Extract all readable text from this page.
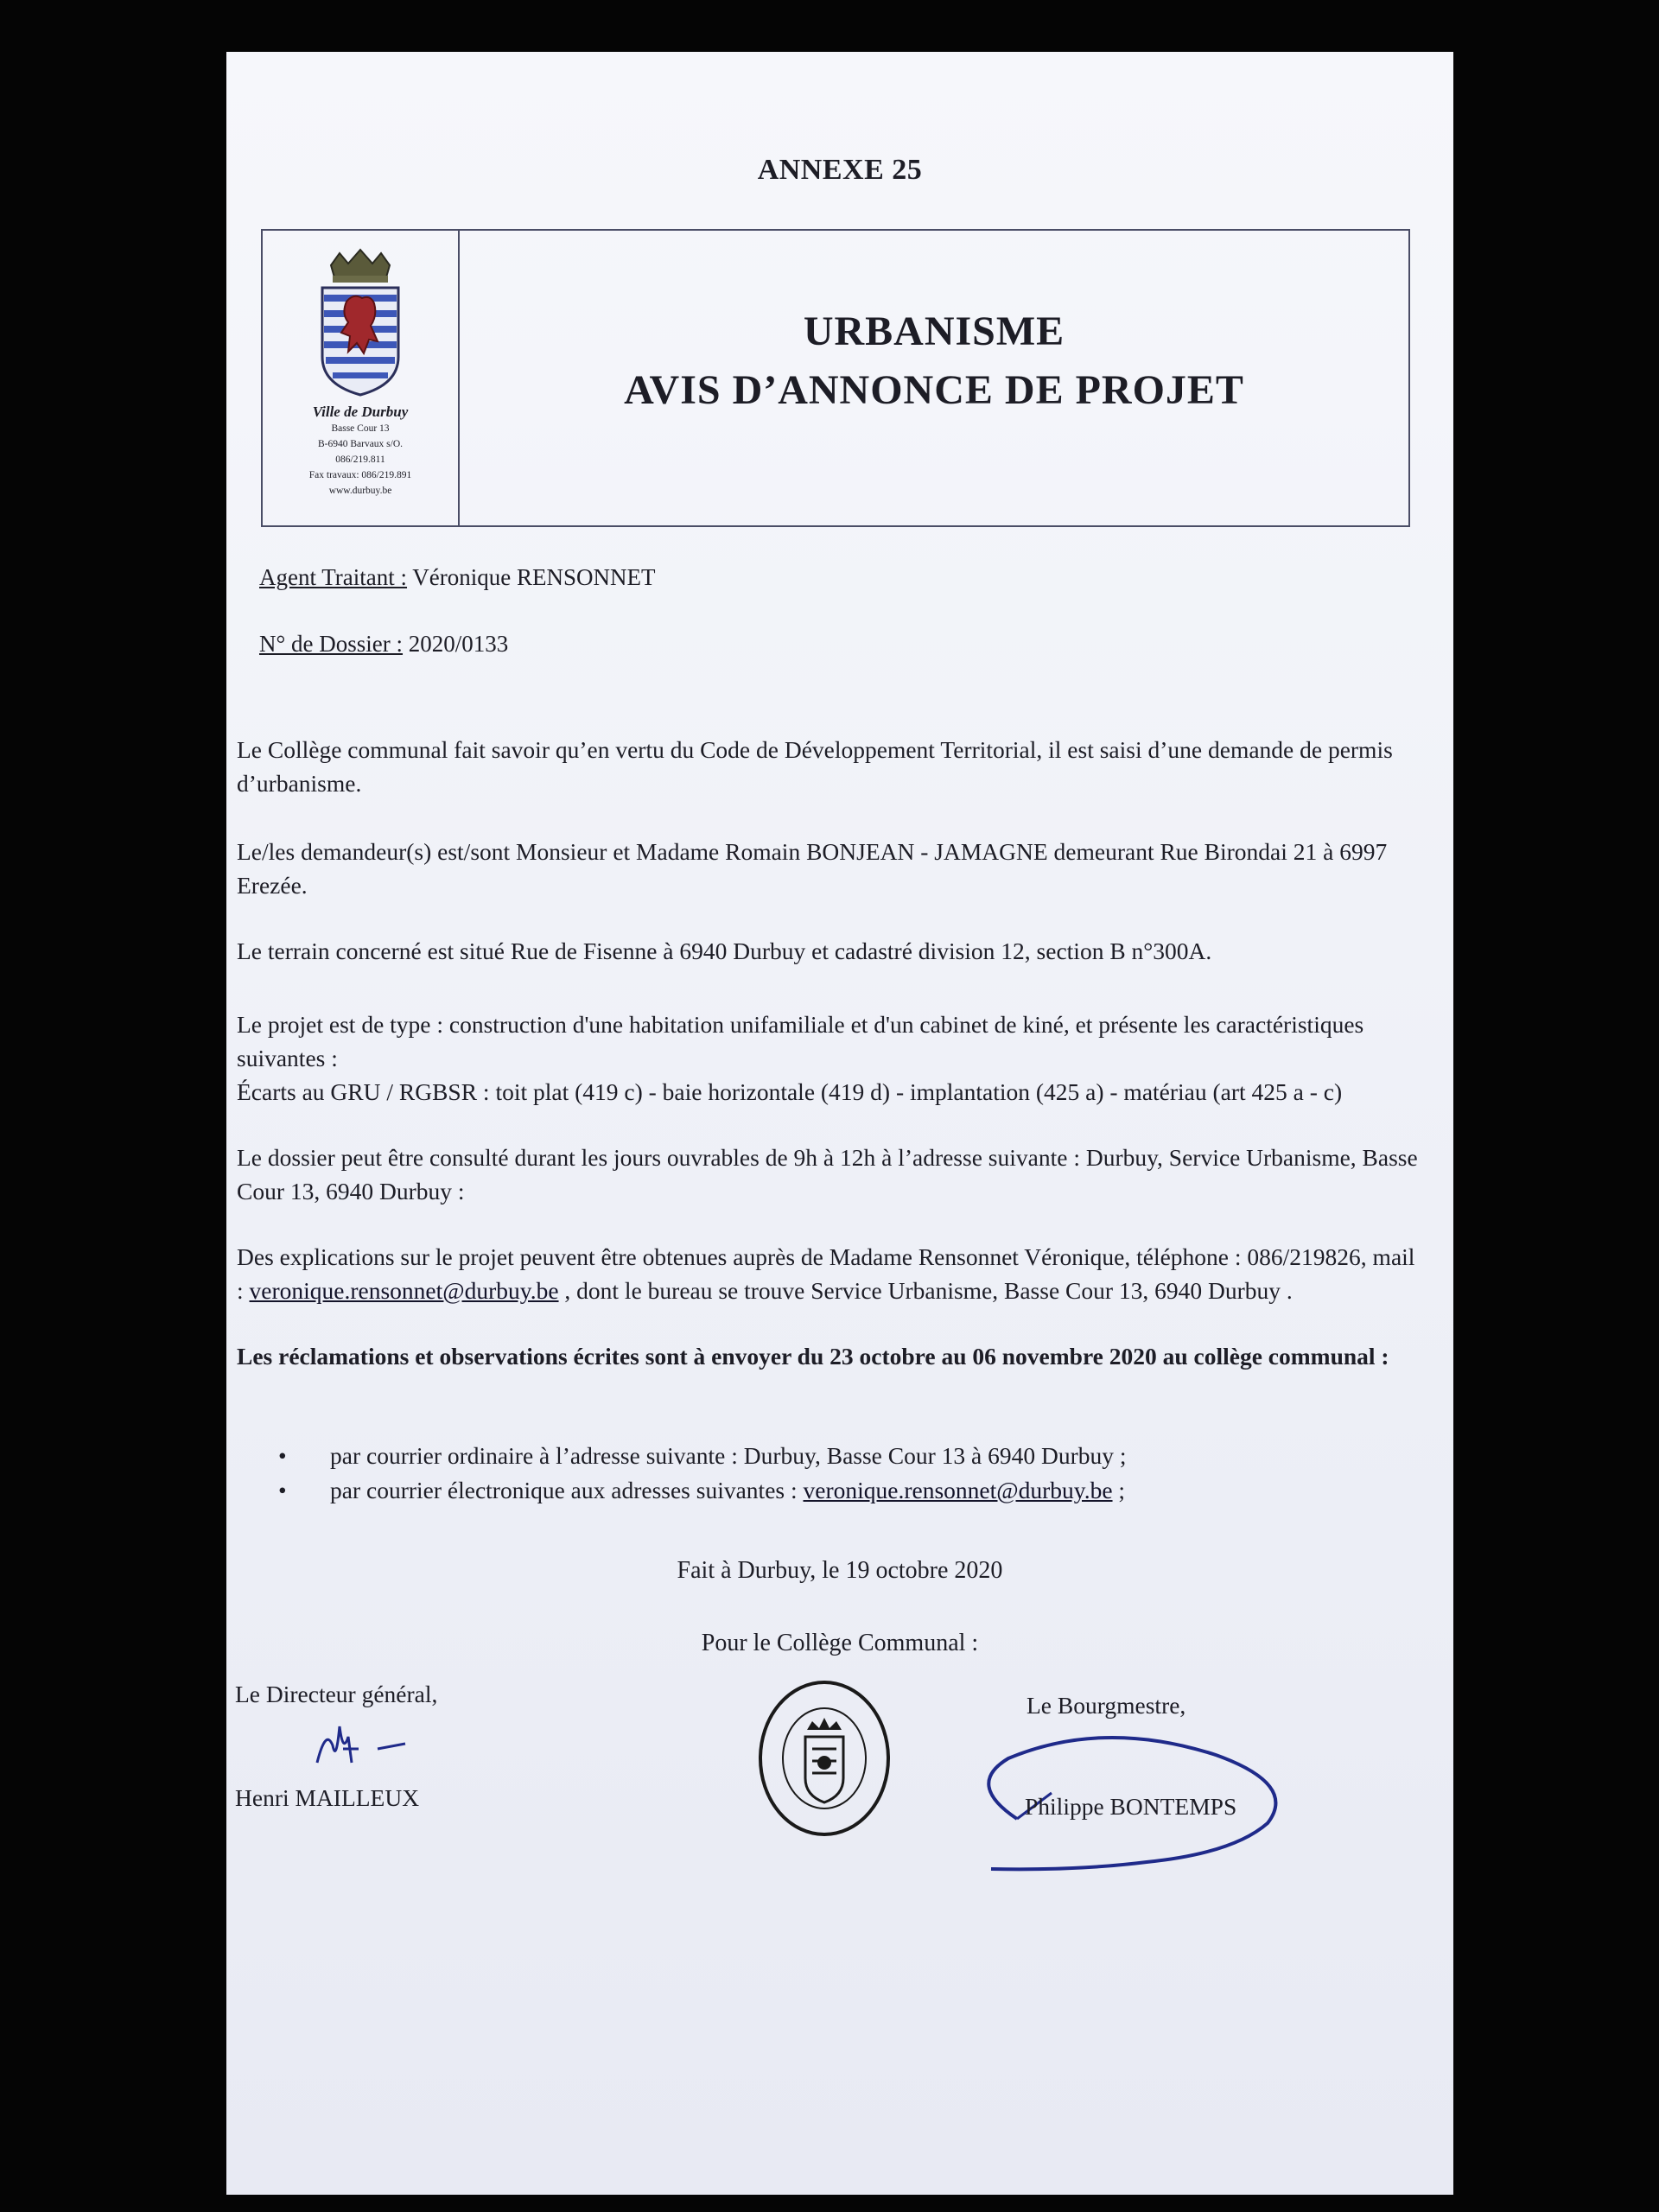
ANNEXE 25
Ville de Durbuy
Basse Cour 13
B-6940 Barvaux s/O.
086/219.811
Fax travaux: 086/219.891
www.durbuy.be
URBANISME
AVIS D’ANNONCE DE PROJET
Agent Traitant : Véronique RENSONNET
N° de Dossier : 2020/0133

Le Collège communal fait savoir qu’en vertu du Code de Développement Territorial, il est saisi d’une demande de permis d’urbanisme.

Le/les demandeur(s) est/sont Monsieur et Madame Romain BONJEAN - JAMAGNE demeurant Rue Birondai 21 à 6997 Erezée.

Le terrain concerné est situé Rue de Fisenne à 6940 Durbuy et cadastré division 12, section B n°300A.

Le projet est de type : construction d'une habitation unifamiliale et d'un cabinet de kiné, et présente les caractéristiques suivantes :

Écarts au GRU / RGBSR : toit plat (419 c) - baie horizontale (419 d) - implantation (425 a) - matériau (art 425 a - c)

Le dossier peut être consulté durant les jours ouvrables de 9h à 12h à l’adresse suivante : Durbuy, Service Urbanisme, Basse Cour 13, 6940 Durbuy :

Des explications sur le projet peuvent être obtenues auprès de Madame Rensonnet Véronique, téléphone : 086/219826, mail : veronique.rensonnet@durbuy.be , dont le bureau se trouve Service Urbanisme, Basse Cour 13, 6940 Durbuy .

Les réclamations et observations écrites sont à envoyer du 23 octobre au 06 novembre 2020 au collège communal :

•	par courrier ordinaire à l’adresse suivante : Durbuy, Basse Cour 13 à 6940 Durbuy ;
•	par courrier électronique aux adresses suivantes : veronique.rensonnet@durbuy.be ;
Fait à Durbuy, le 19 octobre 2020
Pour le Collège Communal :
Le Directeur général,
Henri MAILLEUX
Le Bourgmestre,
Philippe BONTEMPS
